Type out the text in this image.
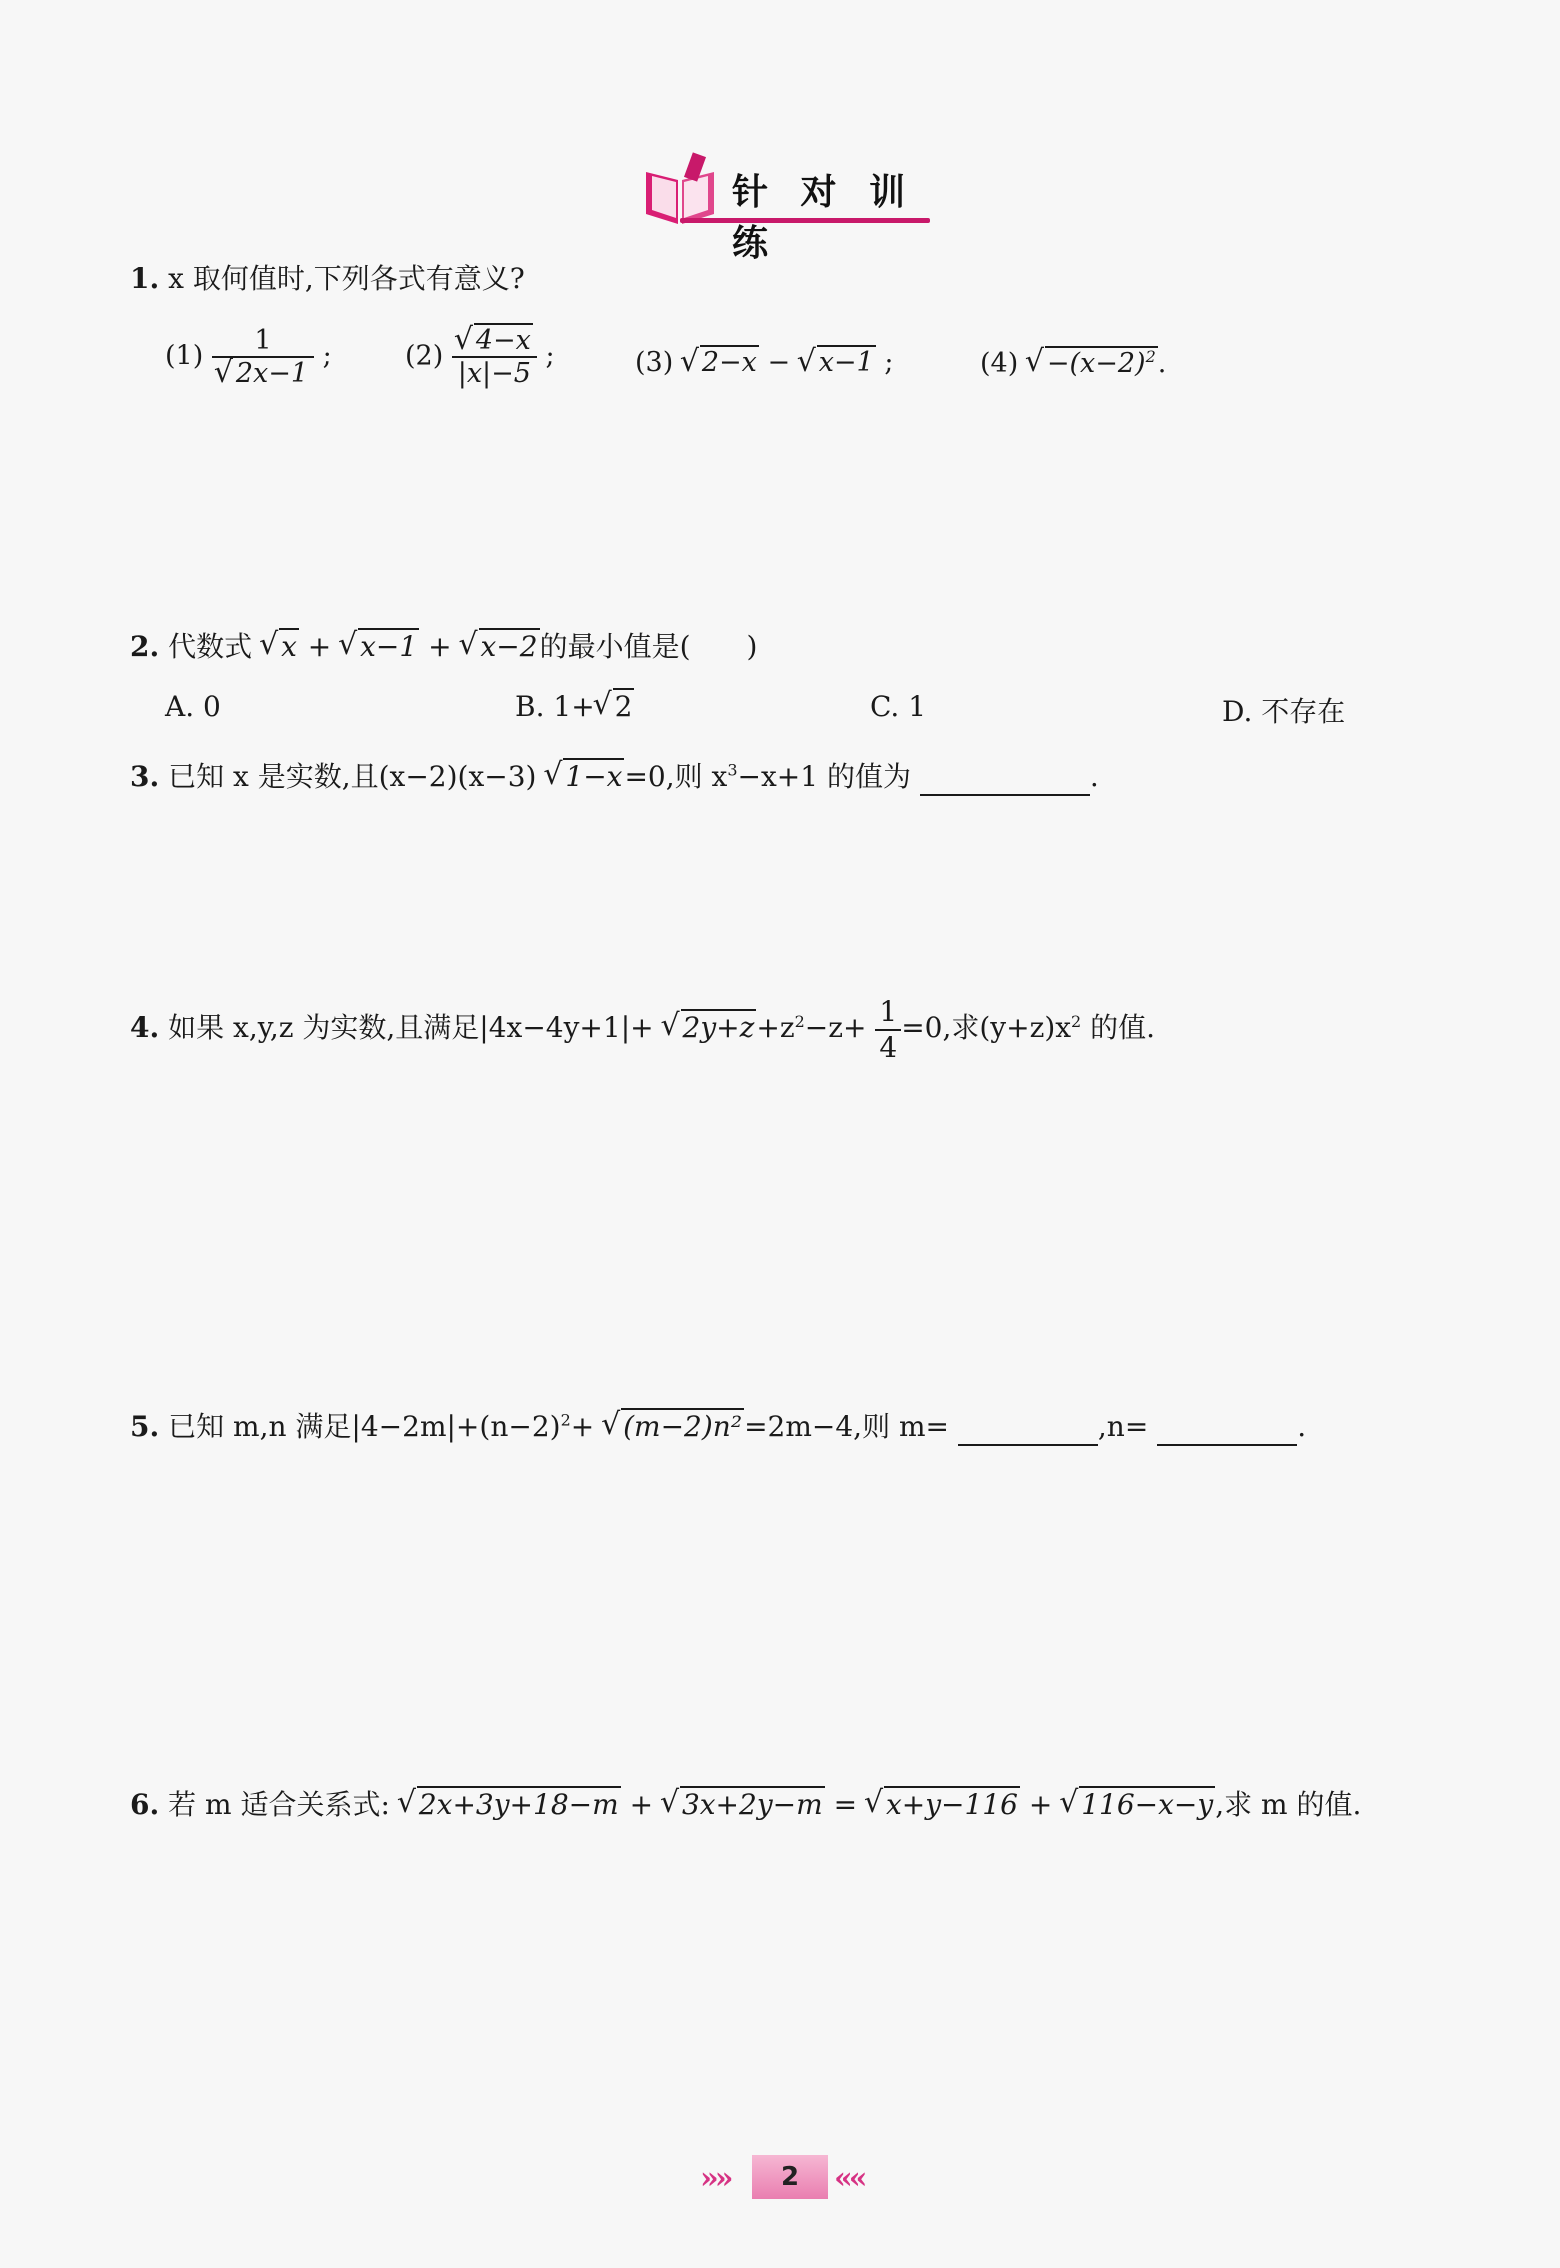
针 对 训 练
1. x 取何值时,下列各式有意义?
(1) 1
√ 2x−1 ;	(2) √ $\frac{4-x}{|x|-5}$ ;	(3) √ 2−x − √ x−1 ;	(4) √ $-(x-2)^2$.
2. 代数式 √ x + √ x−1 + √ x−2的最小值是(　　)
A. 0	B. 1+ √ 2	C. 1	D. 不存在
3. 已知 x 是实数,且(x−2)(x−3) √ 1−x=0,则 $x^3-x+1$ 的值为	.
4. 如果 x,y,z 为实数,且满足|4x−4y+1|+ √ $2y+z+z^2-z+ \frac{1}{4} =0$,求$(y+z)x^2$ 的值.
5. 已知 m,n 满足$|4-2m|+(n-2)^2+$ √ (m−2)n²=2m−4,则 m=	,n=	.
6. 若 m 适合关系式: √ 2x+3y+18−m + √ 3x+2y−m = √ x+y−116 + √ 116−x−y,求 m 的值.
»»	2	««
